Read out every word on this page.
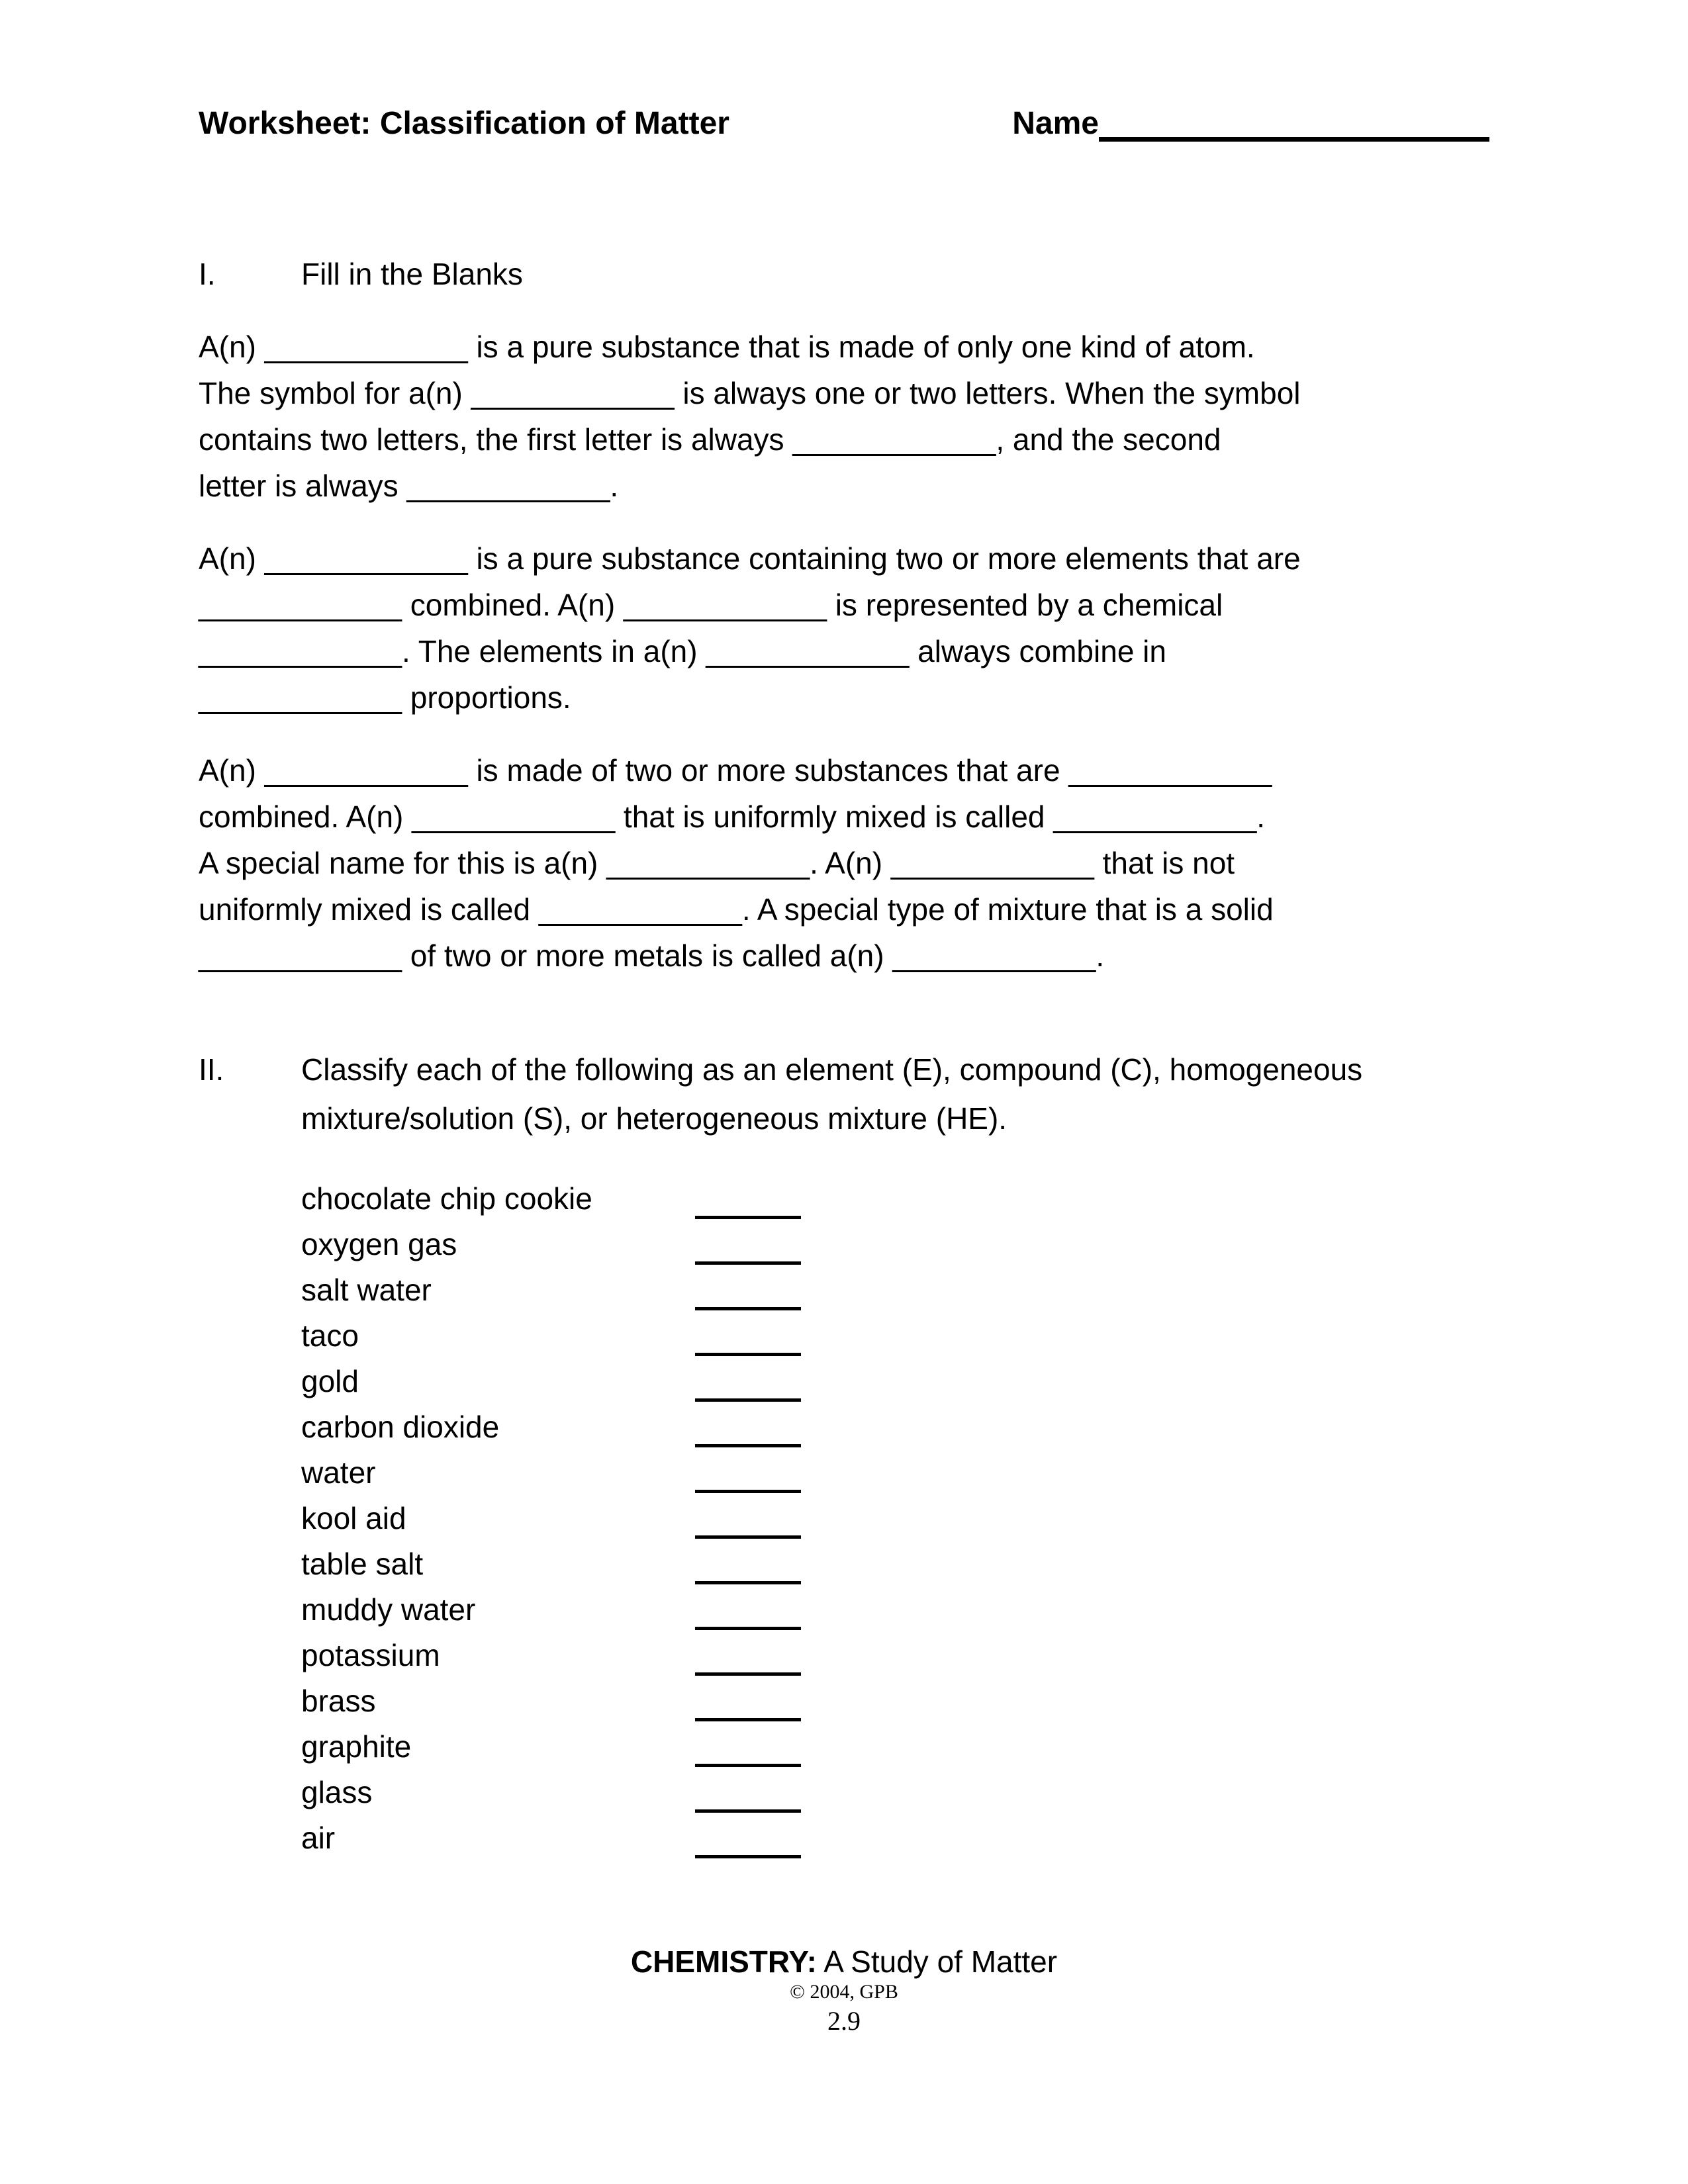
Worksheet: Classification of Matter	Name
I.	Fill in the Blanks
A(n) ____________ is a pure substance that is made of only one kind of atom.
The symbol for a(n) ____________ is always one or two letters. When the symbol
contains two letters, the first letter is always ____________, and the second
letter is always ____________.
A(n) ____________ is a pure substance containing two or more elements that are
____________ combined. A(n) ____________ is represented by a chemical
____________. The elements in a(n) ____________ always combine in
____________ proportions.
A(n) ____________ is made of two or more substances that are ____________
combined. A(n) ____________ that is uniformly mixed is called ____________.
A special name for this is a(n) ____________. A(n) ____________ that is not
uniformly mixed is called ____________. A special type of mixture that is a solid
____________ of two or more metals is called a(n) ____________.
II.	Classify each of the following as an element (E), compound (C), homogeneous
mixture/solution (S), or heterogeneous mixture (HE).
chocolate chip cookie
oxygen gas
salt water
taco
gold
carbon dioxide
water
kool aid
table salt
muddy water
potassium
brass
graphite
glass
air
CHEMISTRY: A Study of Matter
© 2004, GPB
2.9
